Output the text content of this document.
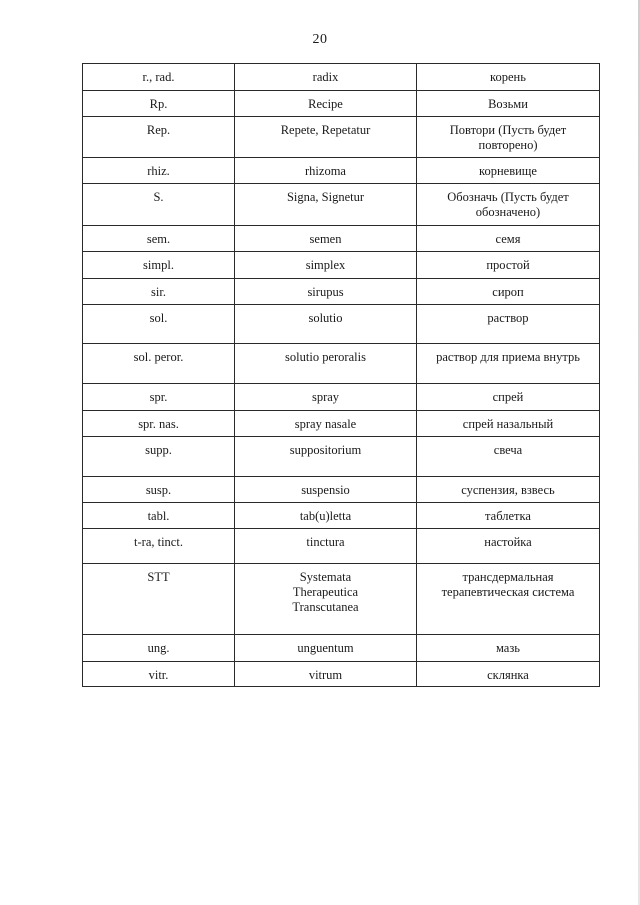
20
r., rad.	radix	корень
Rp.	Recipe	Возьми
Rep.	Repete, Repetatur	Повтори (Пусть будет
повторено)

rhiz.	rhizoma	корневище
S.	Signa, Signetur	Обозначь (Пусть будет
обозначено)

sem.	semen	семя
simpl.	simplex	простой
sir.	sirupus	сироп
sol.	solutio	раствор
sol. peror.	solutio peroralis	раствор для приема внутрь
spr.	spray	спрей
spr. nas.	spray nasale	спрей назальный
supp.	suppositorium	свеча
susp.	suspensio	суспензия, взвесь
tabl.	tab(u)letta	таблетка
t-ra, tinct.	tinctura	настойка
STT	Systemata
Therapeutica
Transcutanea	трансдермальная
терапевтическая система

ung.	unguentum	мазь
vitr.	vitrum	склянка
